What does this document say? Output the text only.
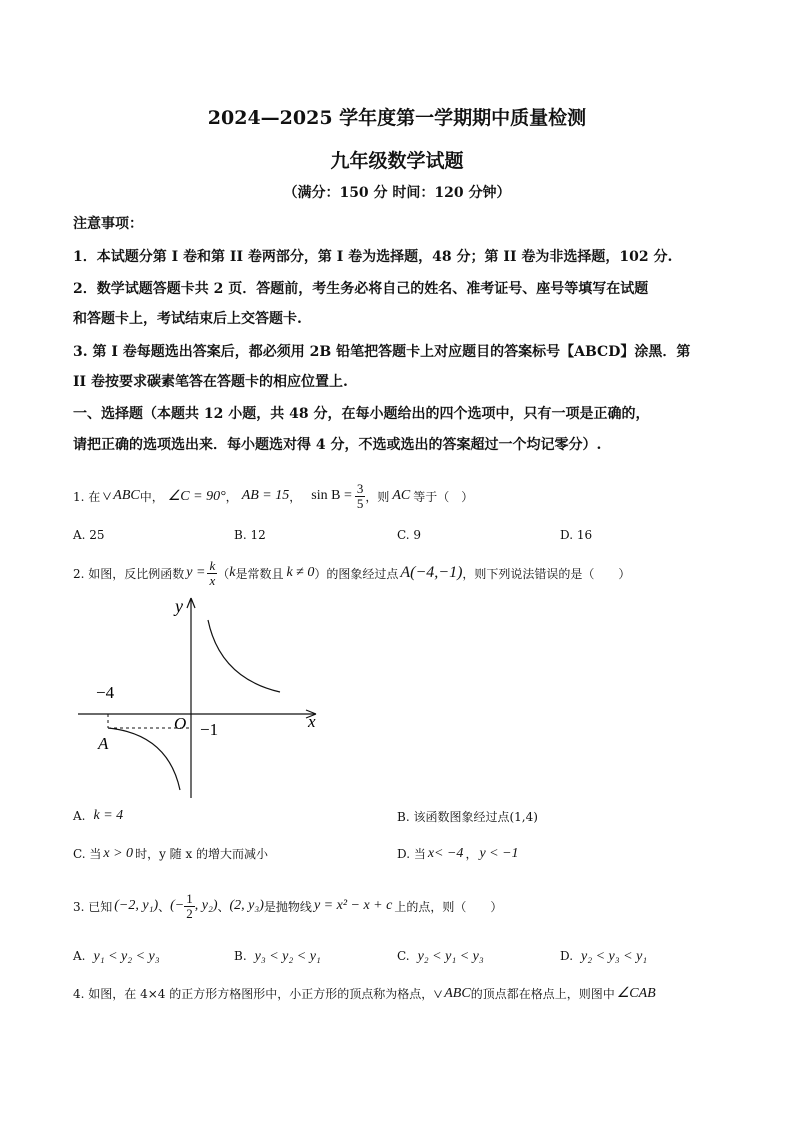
2024—2025 学年度第一学期期中质量检测
九年级数学试题
（满分：150 分 时间：120 分钟）
注意事项：
1．本试题分第 I 卷和第 II 卷两部分，第 I 卷为选择题，48 分；第 II 卷为非选择题，102 分.
2．数学试题答题卡共 2 页．答题前，考生务必将自己的姓名、准考证号、座号等填写在试题
和答题卡上，考试结束后上交答题卡.
3. 第 I 卷每题选出答案后，都必须用 2B 铅笔把答题卡上对应题目的答案标号【ABCD】涂黑．第
II 卷按要求碳素笔答在答题卡的相应位置上.
一、选择题（本题共 12 小题，共 48 分，在每小题给出的四个选项中，只有一项是正确的，
请把正确的选项选出来．每小题选对得 4 分，不选或选出的答案超过一个均记零分）.
1. 在 ABC 中， ∠C = 90° ， AB = 15 ， $\sin B = \frac{3}{5}$ ，则 AC 等于（　）
A. 25	B. 12	C. 9	D. 16
2. 如图，反比例函数 $y = \frac{k}{x}$ （ k 是常数且 k ≠ 0 ）的图象经过点 A(−4,−1) ，则下列说法错误的是（　　）
y
x
O
−4
−1
A
A. k = 4	B. 该函数图象经过点(1,4)
C. 当 x > 0 时，y 随 x 的增大而减小	D. 当 x< −4 ， y < −1
3. 已知 (−2, y₁) 、 (− $\frac{1}{2}$ , y₂) 、 (2, y₃) 是抛物线 y = x² − x + c 上的点，则（　　）
A. y₁ < y₂ < y₃	B. y₃ < y₂ < y₁	C. y₂ < y₁ < y₃	D. y₂ < y₃ < y₁
4. 如图，在 4×4 的正方形方格图形中，小正方形的顶点称为格点， ABC 的顶点都在格点上，则图中 ∠CAB
